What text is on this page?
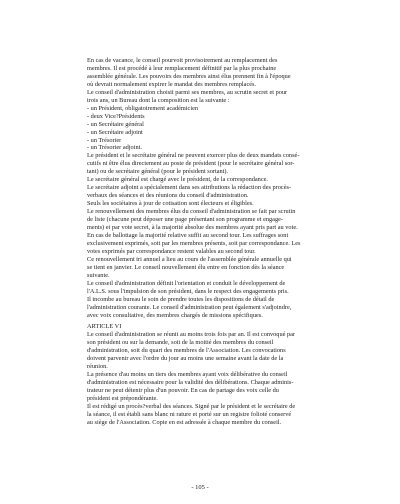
En cas de vacance, le conseil pourvoit provisoirement au remplacement des
membres. Il est procédé à leur remplacement définitif par la plus prochaine
assemblée générale. Les pouvoirs des membres ainsi élus prennent fin à l'époque
où devrait normalement expirer le mandat des membres remplacés.
Le conseil d'administration choisit parmi ses membres, au scrutin secret et pour
trois ans, un Bureau dont la composition est la suivante :
- un Président, obligatoirement académicien
- deux Vice?Présidents
- un Secrétaire général
- un Secrétaire adjoint
- un Trésorier
- un Trésorier adjoint.
Le président et le secrétaire général ne peuvent exercer plus de deux mandats consé-
cutifs ni être élus directement au poste de président (pour le secrétaire général sor-
tant) ou de secrétaire général (pour le président sortant).
Le secrétaire général est chargé avec le président, de la correspondance.
Le secrétaire adjoint a spécialement dans ses attributions la rédaction des procès-
verbaux des séances et des réunions du conseil d'administration.
Seuls les sociétaires à jour de cotisation sont électeurs et éligibles.
Le renouvellement des membres élus du conseil d'administration se fait par scrutin
de liste (chacune peut déposer une page présentant son programme et engage-
ments) et par vote secret, à la majorité absolue des membres ayant pris part au vote.
En cas de ballottage la majorité relative suffit au second tour. Les suffrages sont
exclusivement exprimés, soit par les membres présents, soit par correspondance. Les
votes exprimés par correspondance restent valables au second tour.
Ce renouvellement tri annuel a lieu au cours de l'assemblée générale annuelle qui
se tient en janvier. Le conseil nouvellement élu entre en fonction dès la séance
suivante.
Le conseil d'administration définit l'orientation et conduit le développement de
l'A.L.S. sous l'impulsion de son président, dans le respect des engagements pris.
Il incombe au bureau le soin de prendre toutes les dispositions de détail de
l'administration courante. Le conseil d'administration peut également s'adjoindre,
avec voix consultative, des membres chargés de missions spécifiques.
ARTICLE VI
Le conseil d'administration se réunit au moins trois fois par an. Il est convoqué par
son président ou sur la demande, soit de la moitié des membres du conseil
d'administration, soit du quart des membres de l'Association. Les convocations
doivent parvenir avec l'ordre du jour au moins une semaine avant la date de la
réunion.
La présence d'au moins un tiers des membres ayant voix délibérative du conseil
d'administration est nécessaire pour la validité des délibérations. Chaque adminis-
trateur ne peut détenir plus d'un pouvoir. En cas de partage des voix celle du
président est prépondérante.
Il est rédigé un procès?verbal des séances. Signé par le président et le secrétaire de
la séance, il est établi sans blanc ni rature et porté sur un registre folioté conservé
au siège de l'Association. Copie en est adressée à chaque membre du conseil.
- 105 -
